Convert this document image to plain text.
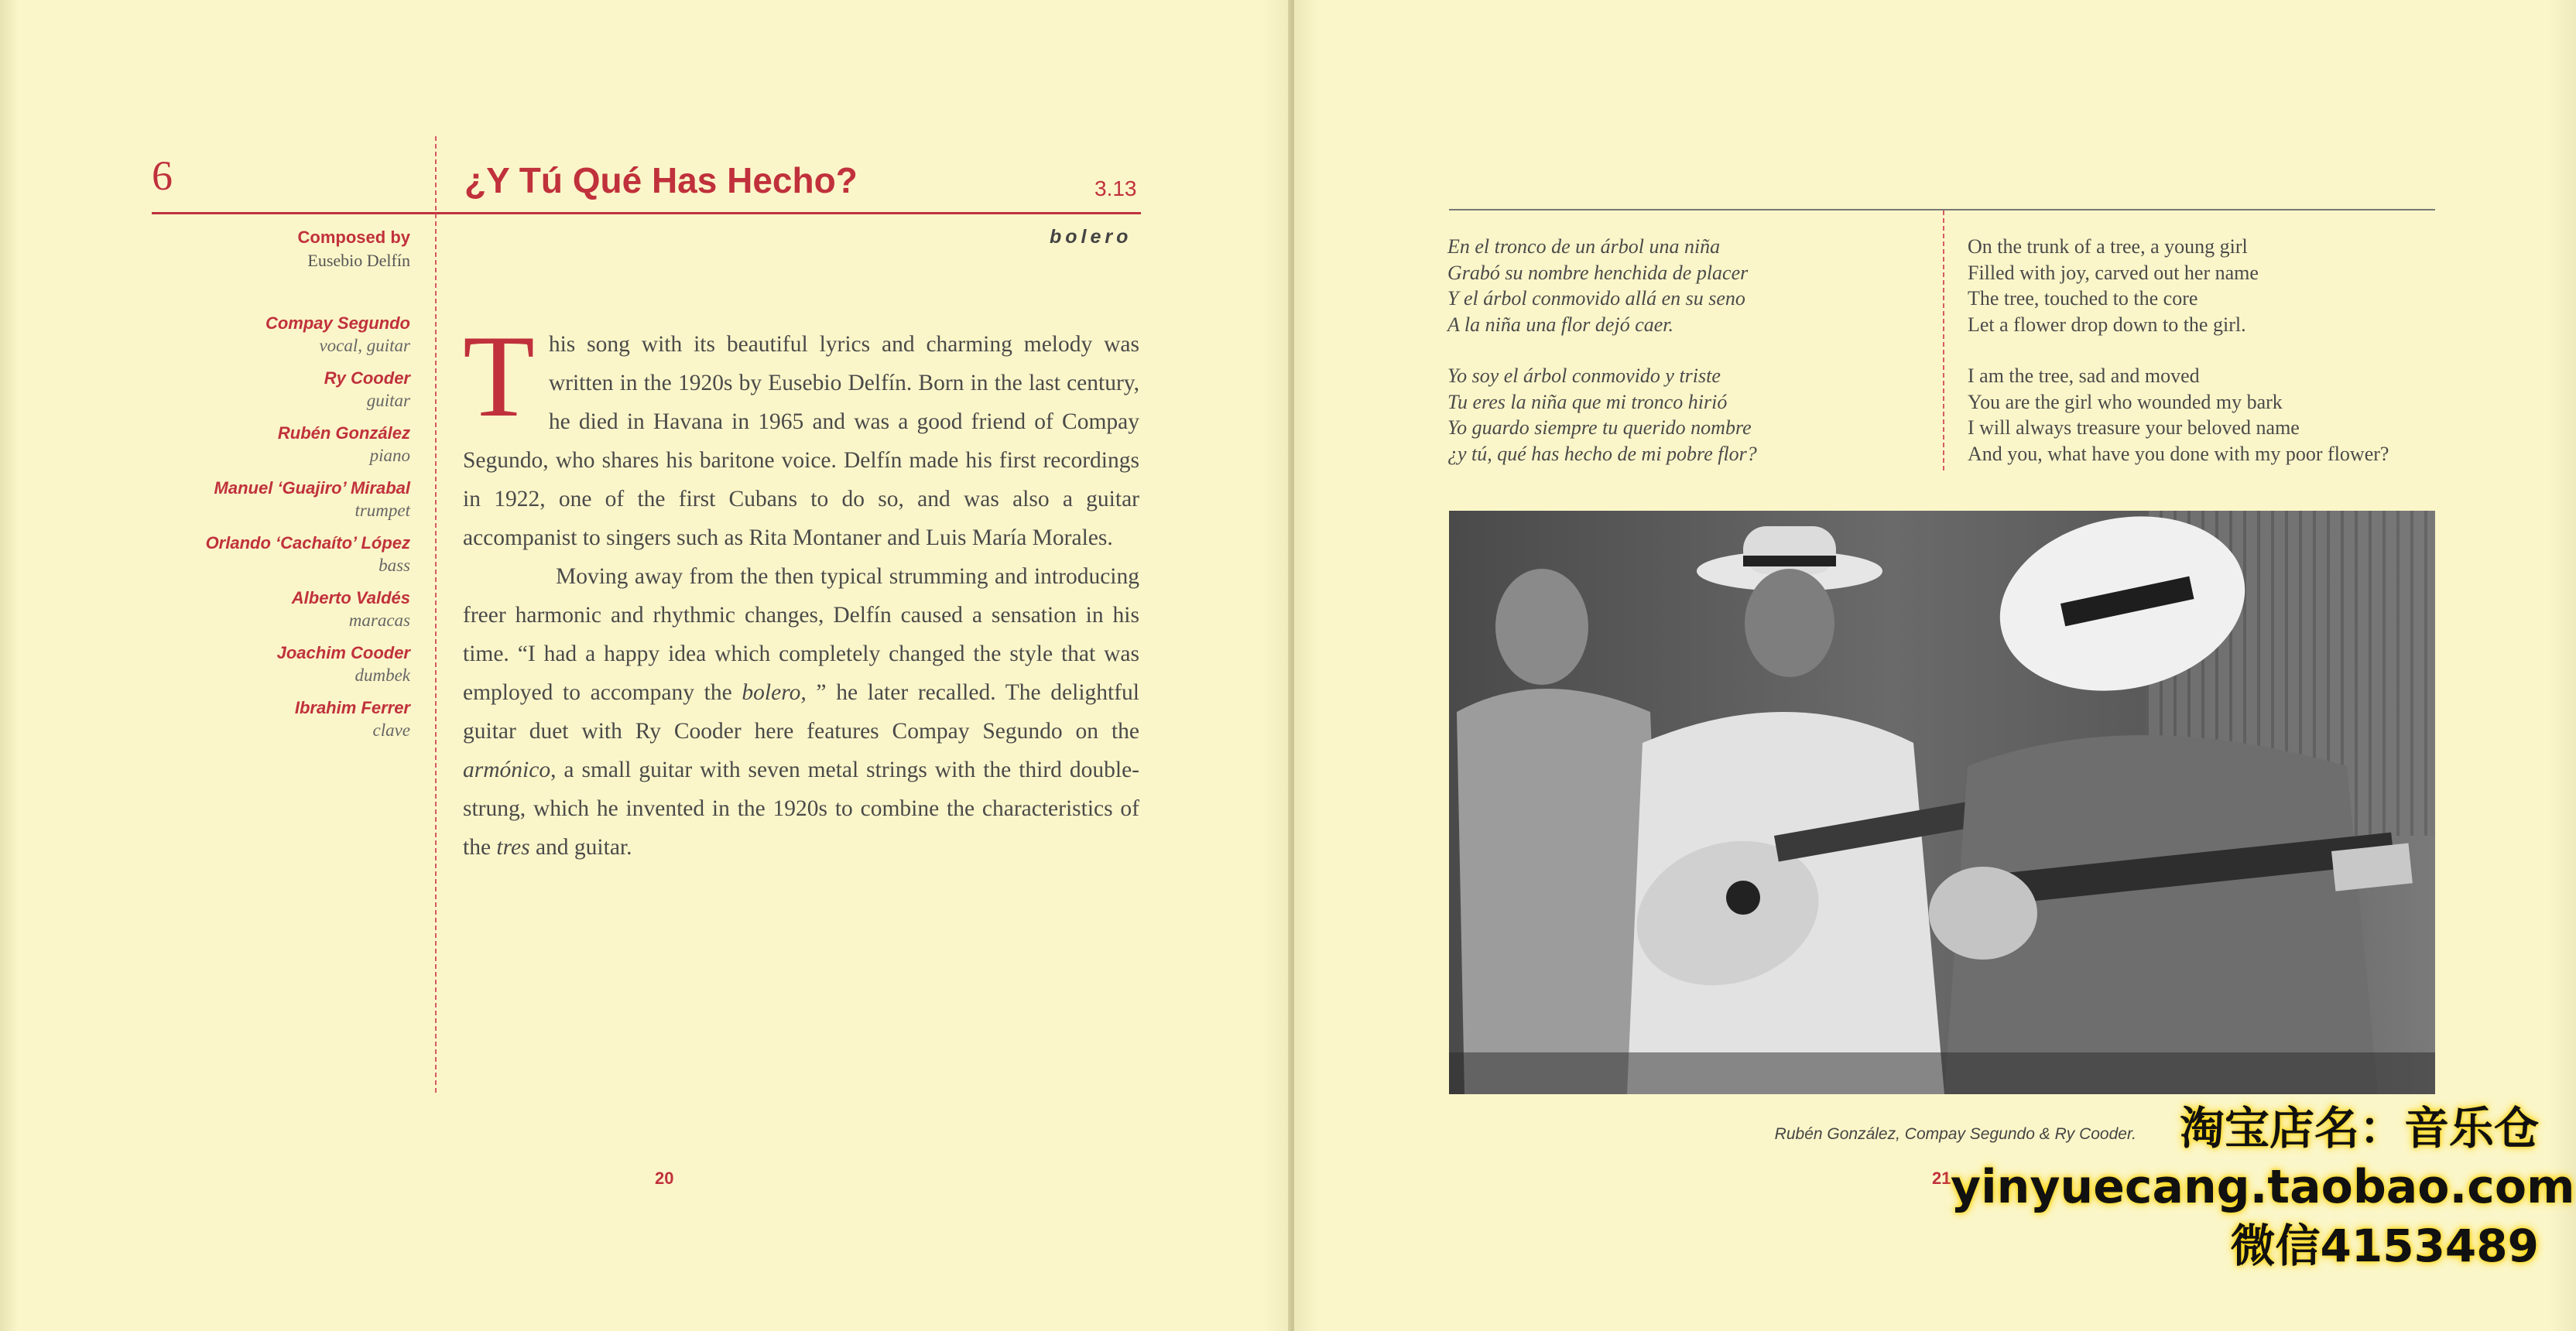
6	¿Y Tú Qué Has Hecho?	3.13
bolero
Composed by
Eusebio Delfín
Compay Segundo
vocal, guitar
Ry Cooder
guitar
Rubén González
piano
Manuel ‘Guajiro’ Mirabal
trumpet
Orlando ‘Cachaíto’ López
bass
Alberto Valdés
maracas
Joachim Cooder
dumbek
Ibrahim Ferrer
clave

This song with its beautiful lyrics and charming melody was written in the 1920s by Eusebio Delfín. Born in the last century, he died in Havana in 1965 and was a good friend of Compay Segundo, who shares his baritone voice. Delfín made his first recordings in 1922, one of the first Cubans to do so, and was also a guitar accompanist to singers such as Rita Montaner and Luis María Morales.

Moving away from the then typical strumming and introducing freer harmonic and rhythmic changes, Delfín caused a sensation in his time. “I had a happy idea which completely changed the style that was employed to accompany the bolero, ” he later recalled. The delightful guitar duet with Ry Cooder here features Compay Segundo on the armónico, a small guitar with seven metal strings with the third double-strung, which he invented in the 1920s to combine the characteristics of the tres and guitar.

20
En el tronco de un árbol una niña
Grabó su nombre henchida de placer
Y el árbol conmovido allá en su seno
A la niña una flor dejó caer.
Yo soy el árbol conmovido y triste
Tu eres la niña que mi tronco hirió
Yo guardo siempre tu querido nombre
¿y tú, qué has hecho de mi pobre flor?
On the trunk of a tree, a young girl
Filled with joy, carved out her name
The tree, touched to the core
Let a flower drop down to the girl.
I am the tree, sad and moved
You are the girl who wounded my bark
I will always treasure your beloved name
And you, what have you done with my poor flower?
Rubén González, Compay Segundo & Ry Cooder.
21
淘宝店名：音乐仓
yinyuecang.taobao.com
微信4153489
